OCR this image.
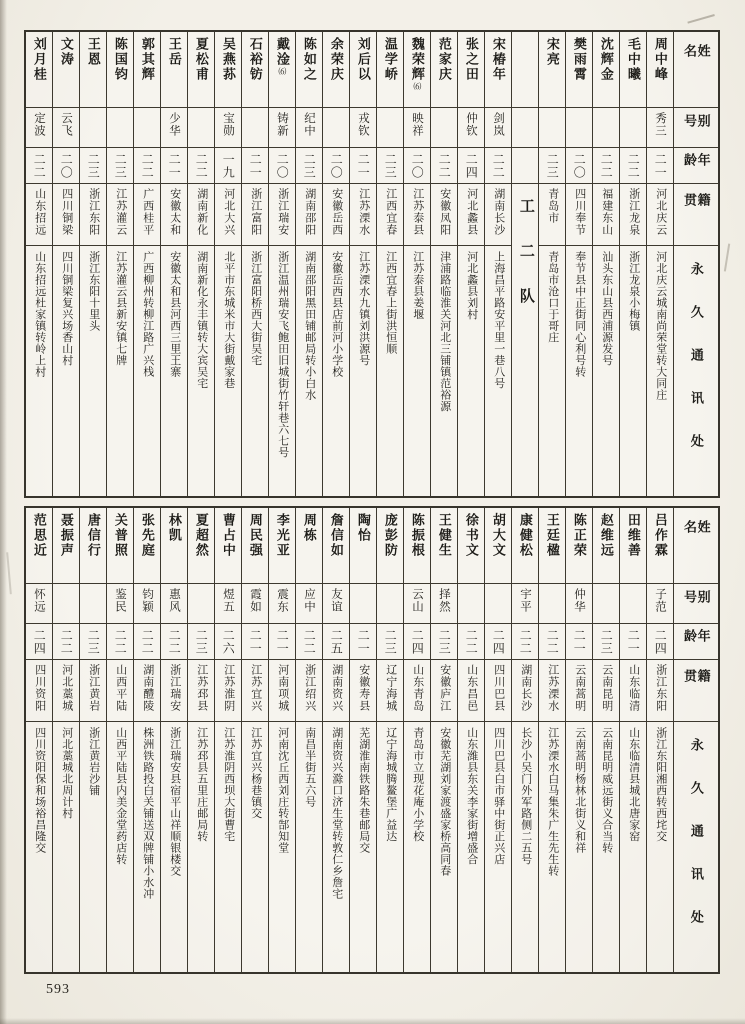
刘月桂
定波
二二
山东招远
山东招远杜家镇转岭上村
文涛
云飞
二〇
四川铜梁
四川铜梁复兴场香山村
王恩
二三
浙江东阳
浙江东阳十里头
陈国钧
二三
江苏灌云
江苏灌云县新安镇七牌
郭其辉
二二
广西桂平
广西柳州转柳江路广兴栈
王岳
少华
二一
安徽太和
安徽太和县河西三里王寨
夏松甫
二二
湖南新化
湖南新化永丰镇转大宾吴宅
吴燕荪
宝勋
一九
河北大兴
北平市东城米市大街戴家巷
石裕钫
二一
浙江富阳
浙江富阳桥西大街吴宅
戴淦⑹
铸新
二〇
浙江瑞安
浙江温州瑞安飞鲍田旧城街竹轩巷六七号
陈如之
纪中
二三
湖南邵阳
湖南邵阳黑田铺邮局转小白水
余荣庆
二〇
安徽岳西
安徽岳西县店前河小学校
刘后以
戎钦
二一
江苏溧水
江苏溧水九镇刘洪源号
温学峤
二三
江西宜春
江西宜春上街洪恒顺
魏荣辉⑹
映祥
二〇
江苏泰县
江苏泰县姜堰
范家庆
二二
安徽凤阳
津浦路临淮关河北三铺镇范裕源
张之田
仲钦
二四
河北蠡县
河北蠡县刘村
宋椿年
剑岚
二二
湖南长沙
上海昌平路安平里一巷八号 工二队
宋亮
二三
青岛市
青岛市沧口于哥庄
樊雨霄
二〇
四川奉节
奉节县中正街同心利号转
沈辉金
二二
福建东山
汕头东山县西浦源发号
毛中曦
二二
浙江龙泉
浙江龙泉小梅镇
周中峰
秀三
二一
河北庆云
河北庆云城南尚荣堂转大同庄
姓名
别号
年龄
籍贯
永久通讯处
范思近
怀远
二四
四川资阳
四川资阳保和场裕昌隆交
聂振声
二二
河北藁城
河北藁城北周计村
唐信行
二三
浙江黄岩
浙江黄岩沙铺
关普照
鉴民
二二
山西平陆
山西平陆县内美金堂药店转
张先庭
钧颖
二二
湖南醴陵
株洲铁路投白关铺送双牌铺小水冲
林凯
惠风
二二
浙江瑞安
浙江瑞安县宿平山祥顺银楼交
夏超然
二三
江苏邳县
江苏邳县五里庄邮局转
曹占中
煜五
二六
江苏淮阴
江苏淮阴西坝大街曹宅
周民强
霞如
二一
江苏宜兴
江苏宜兴杨巷镇交
李光亚
震东
二一
河南项城
河南沈丘西刘庄转郜知堂
周栋
应中
二二
浙江绍兴
南昌半街五六号
詹信如
友谊
二五
湖南资兴
湖南资兴滁口济生堂转敦仁乡詹宅
陶怡
二一
安徽寿县
芜湖淮南铁路朱巷邮局交
庞彭防
二三
辽宁海城
辽宁海城腾鳌堡广益达
陈振根
云山
二四
山东青岛
青岛市立现花庵小学校
王健生
择然
二三
安徽庐江
安徽芜湖刘家渡盛家桥高同春
徐书文
二二
山东昌邑
山东潍县东关李家街增盛合
胡大文
二四
四川巴县
四川巴县白市驿中街正兴店
康健松
宇平
二二
湖南长沙
长沙小吴门外军路侧二五号
王廷楹
二二
江苏溧水
江苏溧水白马集朱广生先生转
陈正荣
仲华
二一
云南蒿明
云南蒿明杨林北街义和祥
赵维远
二三
云南昆明
云南昆明威远街义合当转
田维善
二一
山东临清
山东临清县城北唐家窑
吕作霖
子范
二四
浙江东阳
浙江东阳湘西转西垞交
姓名
别号
年龄
籍贯
永久通讯处
593
